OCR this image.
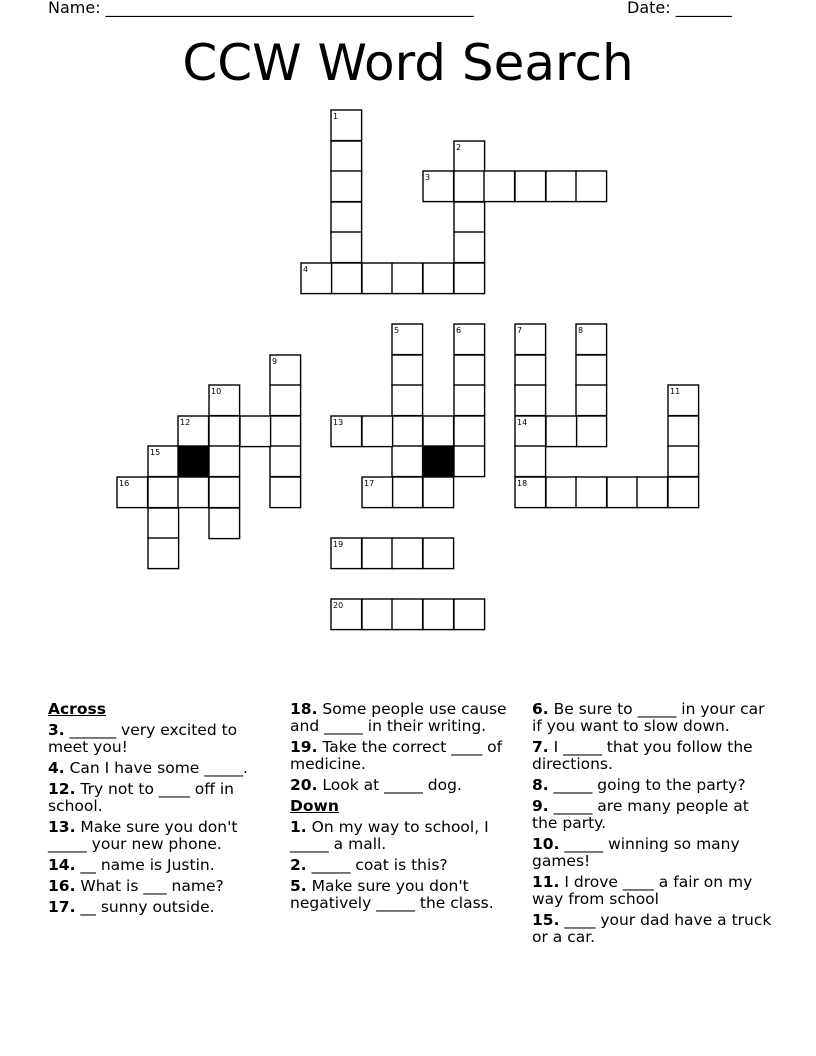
Name: ______________________________________________	Date: _______
CCW Word Search
1
2
3
4
5	6	7	8
9
10	11
12	13	14
15
16	17	18
19
20
Across
3. ______ very excited to meet you!
4. Can I have some _____.
12. Try not to ____ off in school.
13. Make sure you don't _____ your new phone.
14. __ name is Justin.
16. What is ___ name?
17. __ sunny outside.
18. Some people use cause and _____ in their writing.
19. Take the correct ____ of medicine.
20. Look at _____ dog.
Down
1. On my way to school, I _____ a mall.
2. _____ coat is this?
5. Make sure you don't negatively _____ the class.
6. Be sure to _____ in your car if you want to slow down.
7. I _____ that you follow the directions.
8. _____ going to the party?
9. _____ are many people at the party.
10. _____ winning so many games!
11. I drove ____ a fair on my way from school
15. ____ your dad have a truck or a car.
